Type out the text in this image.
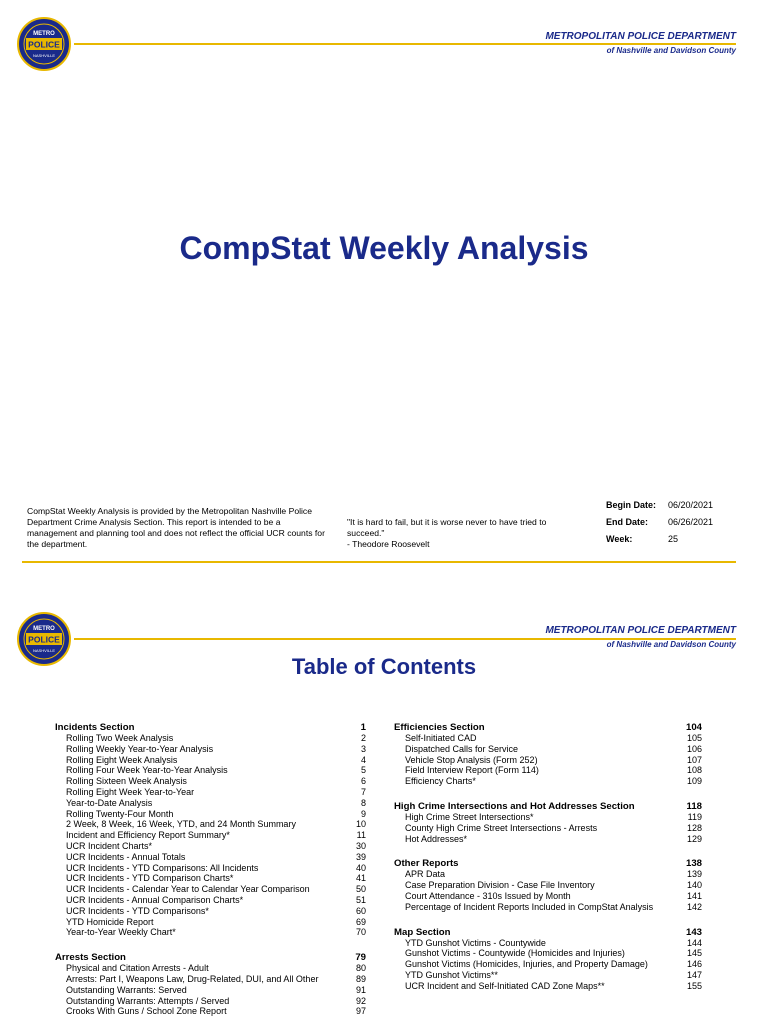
METRO
POLICE
NASHVILLE
METROPOLITAN POLICE DEPARTMENT
of Nashville and Davidson County
CompStat Weekly Analysis
CompStat Weekly Analysis is provided by the Metropolitan Nashville Police Department Crime Analysis Section. This report is intended to be a management and planning tool and does not reflect the official UCR counts for the department.
"It is hard to fail, but it is worse never to have tried to succeed."
- Theodore Roosevelt
Begin Date:	06/20/2021
End Date:	06/26/2021
Week:	25
METRO
POLICE
NASHVILLE
METROPOLITAN POLICE DEPARTMENT
of Nashville and Davidson County
Table of Contents
Incidents Section	1
Rolling Two Week Analysis	2
Rolling Weekly Year-to-Year Analysis	3
Rolling Eight Week Analysis	4
Rolling Four Week Year-to-Year Analysis	5
Rolling Sixteen Week Analysis	6
Rolling Eight Week Year-to-Year	7
Year-to-Date Analysis	8
Rolling Twenty-Four Month	9
2 Week, 8 Week, 16 Week, YTD, and 24 Month Summary	10
Incident and Efficiency Report Summary*	11
UCR Incident Charts*	30
UCR Incidents - Annual Totals	39
UCR Incidents - YTD Comparisons: All Incidents	40
UCR Incidents - YTD Comparison Charts*	41
UCR Incidents - Calendar Year to Calendar Year Comparison	50
UCR Incidents - Annual Comparison Charts*	51
UCR Incidents - YTD Comparisons*	60
YTD Homicide Report	69
Year-to-Year Weekly Chart*	70
Arrests Section	79
Physical and Citation Arrests - Adult	80
Arrests: Part I, Weapons Law, Drug-Related, DUI, and All Other	89
Outstanding Warrants: Served	91
Outstanding Warrants: Attempts / Served	92
Crooks With Guns / School Zone Report	97
Efficiencies Section	104
Self-Initiated CAD	105
Dispatched Calls for Service	106
Vehicle Stop Analysis (Form 252)	107
Field Interview Report (Form 114)	108
Efficiency Charts*	109
High Crime Intersections and Hot Addresses Section	118
High Crime Street Intersections*	119
County High Crime Street Intersections - Arrests	128
Hot Addresses*	129
Other Reports	138
APR Data	139
Case Preparation Division - Case File Inventory	140
Court Attendance - 310s Issued by Month	141
Percentage of Incident Reports Included in CompStat Analysis	142
Map Section	143
YTD Gunshot Victims - Countywide	144
Gunshot Victims - Countywide (Homicides and Injuries)	145
Gunshot Victims (Homicides, Injuries, and Property Damage)	146
YTD Gunshot Victims**	147
UCR Incident and Self-Initiated CAD Zone Maps**	155
